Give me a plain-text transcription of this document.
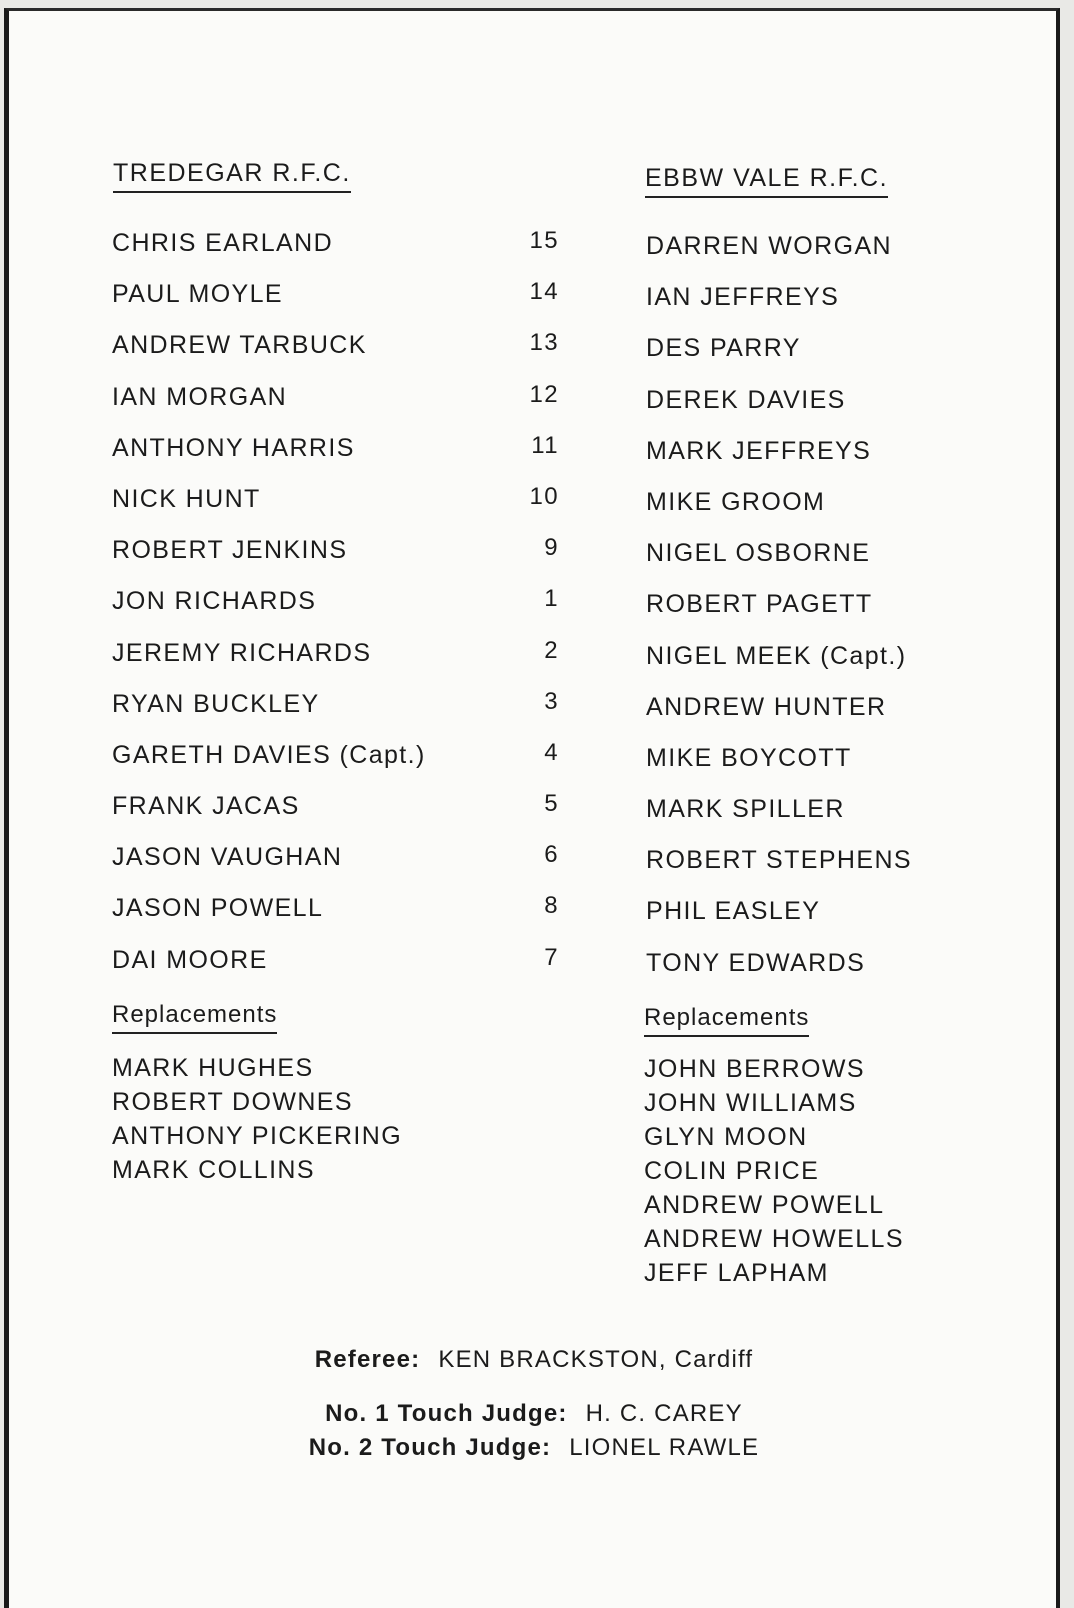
TREDEGAR R.F.C.	EBBW VALE R.F.C.
CHRIS EARLAND
PAUL MOYLE
ANDREW TARBUCK
IAN MORGAN
ANTHONY HARRIS
NICK HUNT
ROBERT JENKINS
JON RICHARDS
JEREMY RICHARDS
RYAN BUCKLEY
GARETH DAVIES (Capt.)
FRANK JACAS
JASON VAUGHAN
JASON POWELL
DAI MOORE
15
14
13
12
11
10
9
1
2
3
4
5
6
8
7
DARREN WORGAN
IAN JEFFREYS
DES PARRY
DEREK DAVIES
MARK JEFFREYS
MIKE GROOM
NIGEL OSBORNE
ROBERT PAGETT
NIGEL MEEK (Capt.)
ANDREW HUNTER
MIKE BOYCOTT
MARK SPILLER
ROBERT STEPHENS
PHIL EASLEY
TONY EDWARDS
Replacements	Replacements
MARK HUGHES
ROBERT DOWNES
ANTHONY PICKERING
MARK COLLINS
JOHN BERROWS
JOHN WILLIAMS
GLYN MOON
COLIN PRICE
ANDREW POWELL
ANDREW HOWELLS
JEFF LAPHAM
Referee: KEN BRACKSTON, Cardiff
No. 1 Touch Judge: H. C. CAREY
No. 2 Touch Judge: LIONEL RAWLE
